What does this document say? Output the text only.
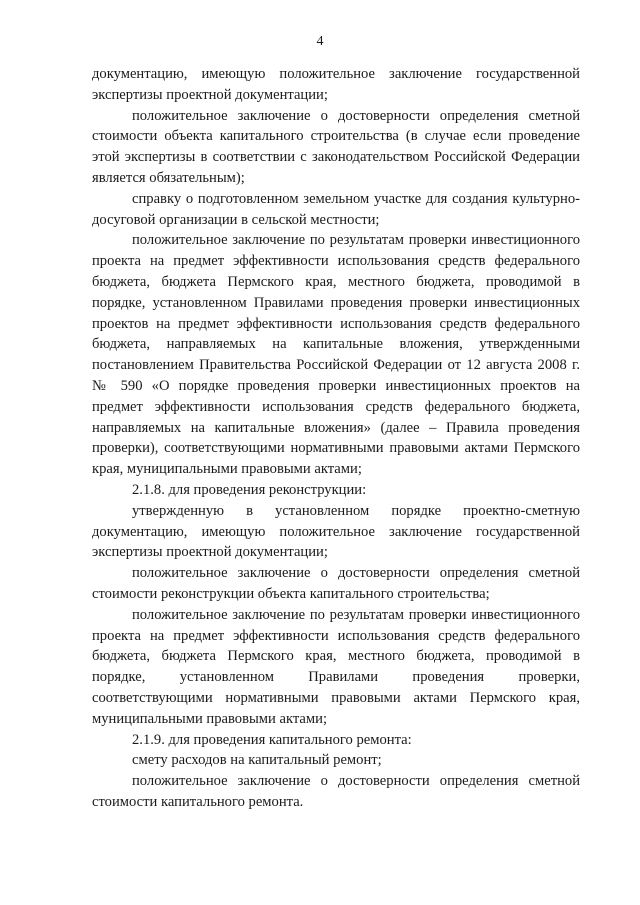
4

документацию, имеющую положительное заключение государственной экспертизы проектной документации;

положительное заключение о достоверности определения сметной стоимости объекта капитального строительства (в случае если проведение этой экспертизы в соответствии с законодательством Российской Федерации является обязательным);

справку о подготовленном земельном участке для создания культурно-досуговой организации в сельской местности;

положительное заключение по результатам проверки инвестиционного проекта на предмет эффективности использования средств федерального бюджета, бюджета Пермского края, местного бюджета, проводимой в порядке, установленном Правилами проведения проверки инвестиционных проектов на предмет эффективности использования средств федерального бюджета, направляемых на капитальные вложения, утвержденными постановлением Правительства Российской Федерации от 12 августа 2008 г. № 590 «О порядке проведения проверки инвестиционных проектов на предмет эффективности использования средств федерального бюджета, направляемых на капитальные вложения» (далее – Правила проведения проверки), соответствующими нормативными правовыми актами Пермского края, муниципальными правовыми актами;

2.1.8. для проведения реконструкции:

утвержденную в установленном порядке проектно-сметную документацию, имеющую положительное заключение государственной экспертизы проектной документации;

положительное заключение о достоверности определения сметной стоимости реконструкции объекта капитального строительства;

положительное заключение по результатам проверки инвестиционного проекта на предмет эффективности использования средств федерального бюджета, бюджета Пермского края, местного бюджета, проводимой в порядке, установленном Правилами проведения проверки, соответствующими нормативными правовыми актами Пермского края, муниципальными правовыми актами;

2.1.9. для проведения капитального ремонта:

смету расходов на капитальный ремонт;

положительное заключение о достоверности определения сметной стоимости капитального ремонта.
